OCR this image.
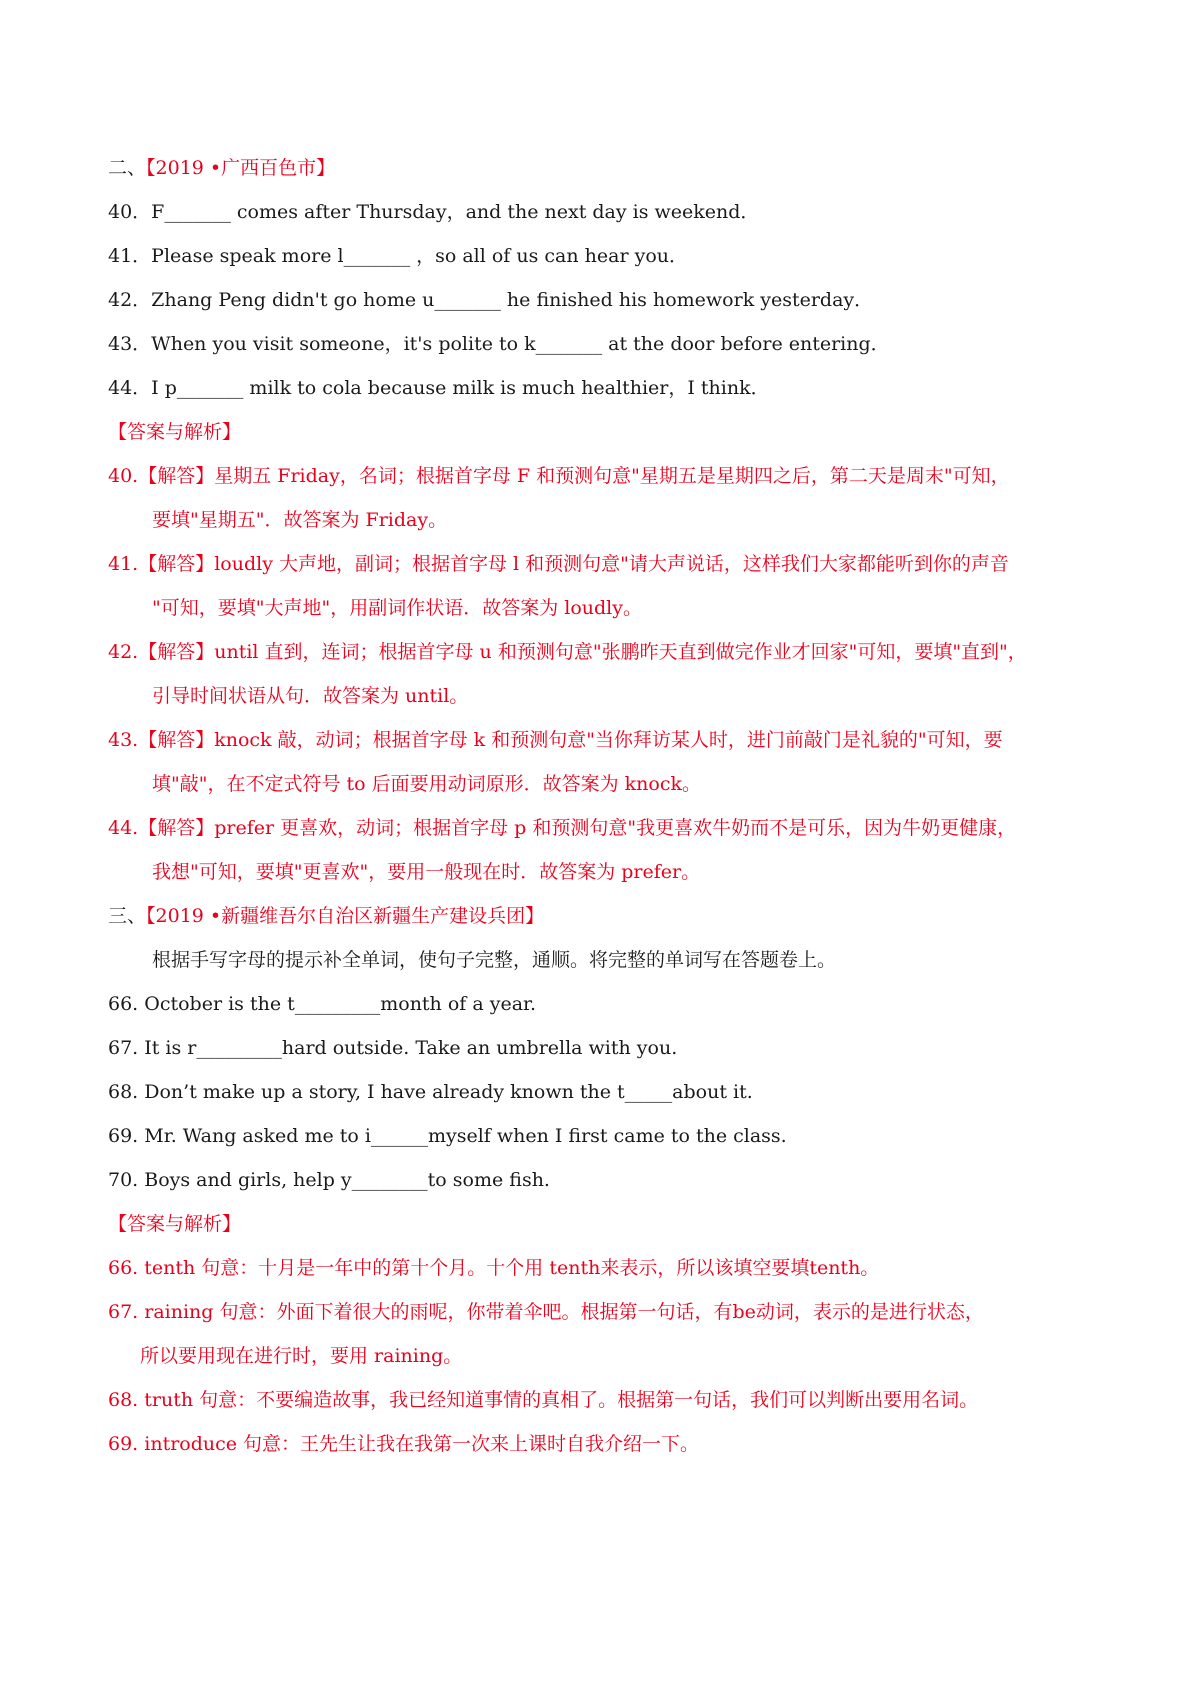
二、【2019 •广西百色市】
40．F_______ comes after Thursday，and the next day is weekend．
41．Please speak more l_______ ，so all of us can hear you．
42．Zhang Peng didn't go home u_______ he finished his homework yesterday．
43．When you visit someone，it's polite to k_______ at the door before entering．
44．I p_______ milk to cola because milk is much healthier，I think．
【答案与解析】
40.【解答】星期五 Friday，名词；根据首字母 F 和预测句意"星期五是星期四之后，第二天是周末"可知，
要填"星期五"．故答案为 Friday。
41.【解答】loudly 大声地，副词；根据首字母 l 和预测句意"请大声说话，这样我们大家都能听到你的声音
"可知，要填"大声地"，用副词作状语．故答案为 loudly。
42.【解答】until 直到，连词；根据首字母 u 和预测句意"张鹏昨天直到做完作业才回家"可知，要填"直到"，
引导时间状语从句．故答案为 until。
43.【解答】knock 敲，动词；根据首字母 k 和预测句意"当你拜访某人时，进门前敲门是礼貌的"可知，要
填"敲"，在不定式符号 to 后面要用动词原形．故答案为 knock。
44.【解答】prefer 更喜欢，动词；根据首字母 p 和预测句意"我更喜欢牛奶而不是可乐，因为牛奶更健康，
我想"可知，要填"更喜欢"，要用一般现在时．故答案为 prefer。
三、【2019 •新疆维吾尔自治区新疆生产建设兵团】
根据手写字母的提示补全单词，使句子完整，通顺。将完整的单词写在答题卷上。
66. October is the t_________month of a year.
67. It is r_________hard outside. Take an umbrella with you.
68. Don’t make up a story, I have already known the t_____about it.
69. Mr. Wang asked me to i______myself when I first came to the class.
70. Boys and girls, help y________to some fish.
【答案与解析】
66. tenth 句意：十月是一年中的第十个月。十个用 tenth来表示，所以该填空要填tenth。
67. raining 句意：外面下着很大的雨呢，你带着伞吧。根据第一句话，有be动词，表示的是进行状态，
所以要用现在进行时，要用 raining。
68. truth 句意：不要编造故事，我已经知道事情的真相了。根据第一句话，我们可以判断出要用名词。
69. introduce 句意：王先生让我在我第一次来上课时自我介绍一下。
